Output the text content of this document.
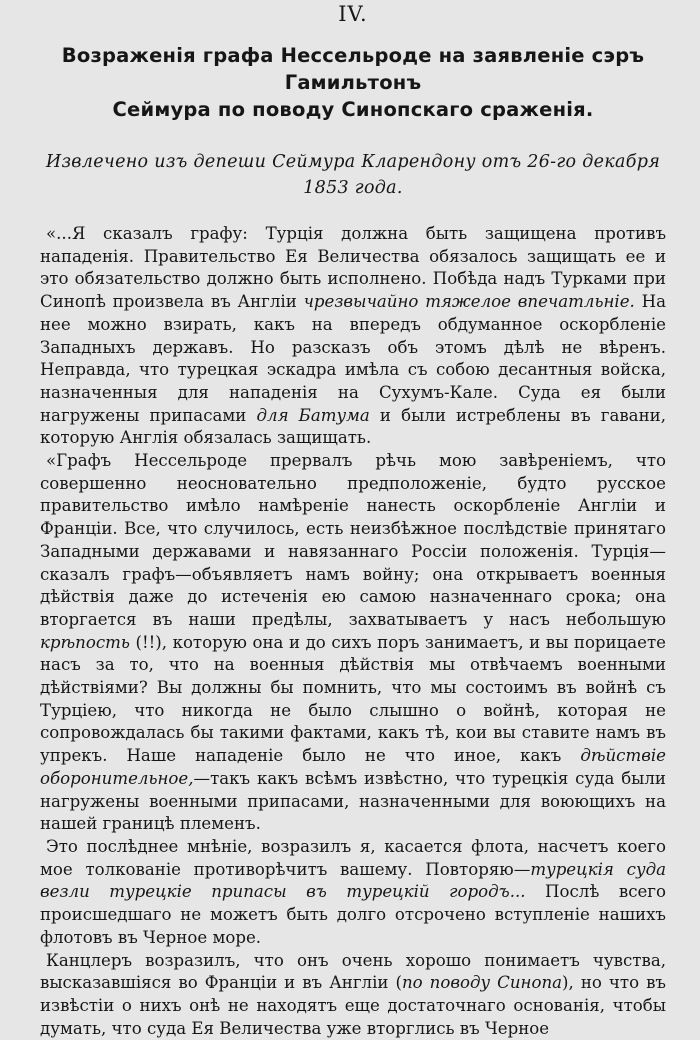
IV.
Возраженія графа Нессельроде на заявленіе сэръ Гамильтонъ
Сеймура по поводу Синопскаго сраженія.

Извлечено изъ депеши Сеймура Кларендону отъ 26-го декабря
1853 года.

«...Я сказалъ графу: Турція должна быть защищена противъ нападенія. Правительство Ея Величества обязалось защищать ее и это обязательство должно быть исполнено. Побѣда надъ Турками при Синопѣ произвела въ Англіи чрезвычайно тяжелое впечатльніе. На нее можно взирать, какъ на впередъ обдуманное оскорбленіе Западныхъ державъ. Но разсказъ объ этомъ дѣлѣ не вѣренъ. Неправда, что турецкая эскадра имѣла съ собою десантныя войска, назначенныя для нападенія на Сухумъ-Кале. Суда ея были нагружены припасами для Батума и были истреблены въ гавани, которую Англія обязалась защищать.

«Графъ Нессельроде прервалъ рѣчь мою завѣреніемъ, что совершенно неосновательно предположеніе, будто русское правительство имѣло намѣреніе нанесть оскорбленіе Англіи и Франціи. Все, что случилось, есть неизбѣжное послѣдствіе принятаго Западными державами и навязаннаго Россіи положенія. Турція—сказалъ графъ—объявляетъ намъ войну; она открываетъ военныя дѣйствія даже до истеченія ею самою назначеннаго срока; она вторгается въ наши предѣлы, захватываетъ у насъ небольшую крѣпость (!!), которую она и до сихъ поръ занимаетъ, и вы порицаете насъ за то, что на военныя дѣйствія мы отвѣчаемъ военными дѣйствіями? Вы должны бы помнить, что мы состоимъ въ войнѣ съ Турціею, что никогда не было слышно о войнѣ, которая не сопровождалась бы такими фактами, какъ тѣ, кои вы ставите намъ въ упрекъ. Наше нападеніе было не что иное, какъ дѣйствіе оборонительное,—такъ какъ всѣмъ извѣстно, что турецкія суда были нагружены военными припасами, назначенными для воюющихъ на нашей границѣ племенъ.

Это послѣднее мнѣніе, возразилъ я, касается флота, насчетъ коего мое толкованіе противорѣчитъ вашему. Повторяю—турецкія суда везли турецкіе припасы въ турецкій городъ... Послѣ всего происшедшаго не можетъ быть долго отсрочено вступленіе нашихъ флотовъ въ Черное море.

Канцлеръ возразилъ, что онъ очень хорошо понимаетъ чувства, высказавшіяся во Франціи и въ Англіи (по поводу Синопа), но что въ извѣстіи о нихъ онѣ не находятъ еще достаточнаго основанія, чтобы думать, что суда Ея Величества уже вторглись въ Черное
